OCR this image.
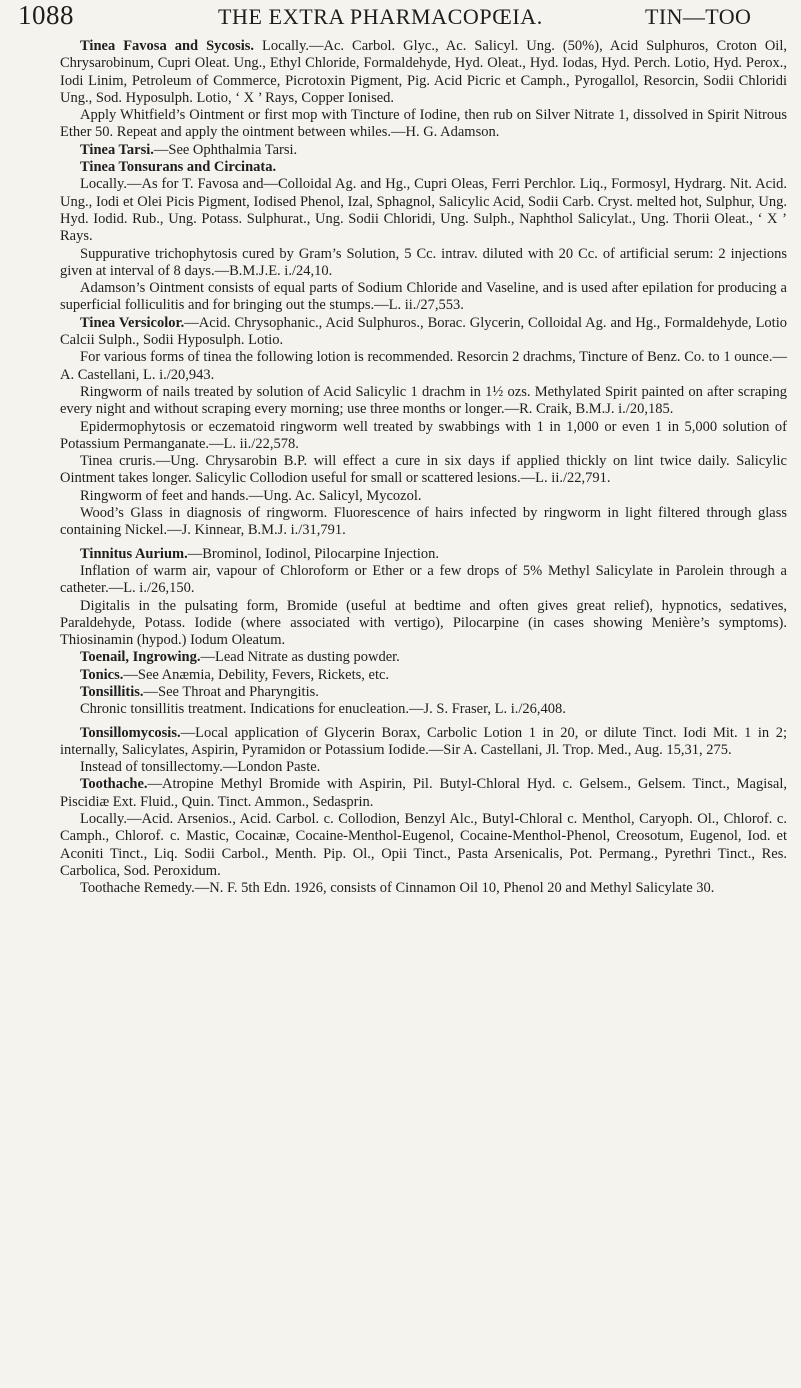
1088	THE EXTRA PHARMACOPŒIA.	TIN—TOO

Tinea Favosa and Sycosis. Locally.—Ac. Carbol. Glyc., Ac. Salicyl. Ung. (50%), Acid Sulphuros, Croton Oil, Chrysarobinum, Cupri Oleat. Ung., Ethyl Chloride, Formaldehyde, Hyd. Oleat., Hyd. Iodas, Hyd. Perch. Lotio, Hyd. Perox., Iodi Linim, Petroleum of Commerce, Picrotoxin Pigment, Pig. Acid Picric et Camph., Pyrogallol, Resorcin, Sodii Chloridi Ung., Sod. Hyposulph. Lotio, ‘ X ’ Rays, Copper Ionised.

Apply Whitfield’s Ointment or first mop with Tincture of Iodine, then rub on Silver Nitrate 1, dissolved in Spirit Nitrous Ether 50. Repeat and apply the ointment between whiles.—H. G. Adamson.

Tinea Tarsi.—See Ophthalmia Tarsi.

Tinea Tonsurans and Circinata.

Locally.—As for T. Favosa and—Colloidal Ag. and Hg., Cupri Oleas, Ferri Perchlor. Liq., Formosyl, Hydrarg. Nit. Acid. Ung., Iodi et Olei Picis Pigment, Iodised Phenol, Izal, Sphagnol, Salicylic Acid, Sodii Carb. Cryst. melted hot, Sulphur, Ung. Hyd. Iodid. Rub., Ung. Potass. Sulphurat., Ung. Sodii Chloridi, Ung. Sulph., Naphthol Salicylat., Ung. Thorii Oleat., ‘ X ’ Rays.

Suppurative trichophytosis cured by Gram’s Solution, 5 Cc. intrav. diluted with 20 Cc. of artificial serum: 2 injections given at interval of 8 days.—B.M.J.E. i./24,10.

Adamson’s Ointment consists of equal parts of Sodium Chloride and Vaseline, and is used after epilation for producing a superficial folliculitis and for bringing out the stumps.—L. ii./27,553.

Tinea Versicolor.—Acid. Chrysophanic., Acid Sulphuros., Borac. Glycerin, Colloidal Ag. and Hg., Formaldehyde, Lotio Calcii Sulph., Sodii Hyposulph. Lotio.

For various forms of tinea the following lotion is recommended. Resorcin 2 drachms, Tincture of Benz. Co. to 1 ounce.—A. Castellani, L. i./20,943.

Ringworm of nails treated by solution of Acid Salicylic 1 drachm in 1½ ozs. Methylated Spirit painted on after scraping every night and without scraping every morning; use three months or longer.—R. Craik, B.M.J. i./20,185.

Epidermophytosis or eczematoid ringworm well treated by swabbings with 1 in 1,000 or even 1 in 5,000 solution of Potassium Permanganate.—L. ii./22,578.

Tinea cruris.—Ung. Chrysarobin B.P. will effect a cure in six days if applied thickly on lint twice daily. Salicylic Ointment takes longer. Salicylic Collodion useful for small or scattered lesions.—L. ii./22,791.

Ringworm of feet and hands.—Ung. Ac. Salicyl, Mycozol.

Wood’s Glass in diagnosis of ringworm. Fluorescence of hairs infected by ringworm in light filtered through glass containing Nickel.—J. Kinnear, B.M.J. i./31,791.

Tinnitus Aurium.—Brominol, Iodinol, Pilocarpine Injection.

Inflation of warm air, vapour of Chloroform or Ether or a few drops of 5% Methyl Salicylate in Parolein through a catheter.—L. i./26,150.

Digitalis in the pulsating form, Bromide (useful at bedtime and often gives great relief), hypnotics, sedatives, Paraldehyde, Potass. Iodide (where associated with vertigo), Pilocarpine (in cases showing Menière’s symptoms). Thiosinamin (hypod.) Iodum Oleatum.

Toenail, Ingrowing.—Lead Nitrate as dusting powder.

Tonics.—See Anæmia, Debility, Fevers, Rickets, etc.

Tonsillitis.—See Throat and Pharyngitis.

Chronic tonsillitis treatment. Indications for enucleation.—J. S. Fraser, L. i./26,408.

Tonsillomycosis.—Local application of Glycerin Borax, Carbolic Lotion 1 in 20, or dilute Tinct. Iodi Mit. 1 in 2; internally, Salicylates, Aspirin, Pyramidon or Potassium Iodide.—Sir A. Castellani, Jl. Trop. Med., Aug. 15,31, 275.

Instead of tonsillectomy.—London Paste.

Toothache.—Atropine Methyl Bromide with Aspirin, Pil. Butyl-Chloral Hyd. c. Gelsem., Gelsem. Tinct., Magisal, Piscidiæ Ext. Fluid., Quin. Tinct. Ammon., Sedasprin.

Locally.—Acid. Arsenios., Acid. Carbol. c. Collodion, Benzyl Alc., Butyl-Chloral c. Menthol, Caryoph. Ol., Chlorof. c. Camph., Chlorof. c. Mastic, Cocainæ, Cocaine-Menthol-Eugenol, Cocaine-Menthol-Phenol, Creosotum, Eugenol, Iod. et Aconiti Tinct., Liq. Sodii Carbol., Menth. Pip. Ol., Opii Tinct., Pasta Arsenicalis, Pot. Permang., Pyrethri Tinct., Res. Carbolica, Sod. Peroxidum.

Toothache Remedy.—N. F. 5th Edn. 1926, consists of Cinnamon Oil 10, Phenol 20 and Methyl Salicylate 30.
